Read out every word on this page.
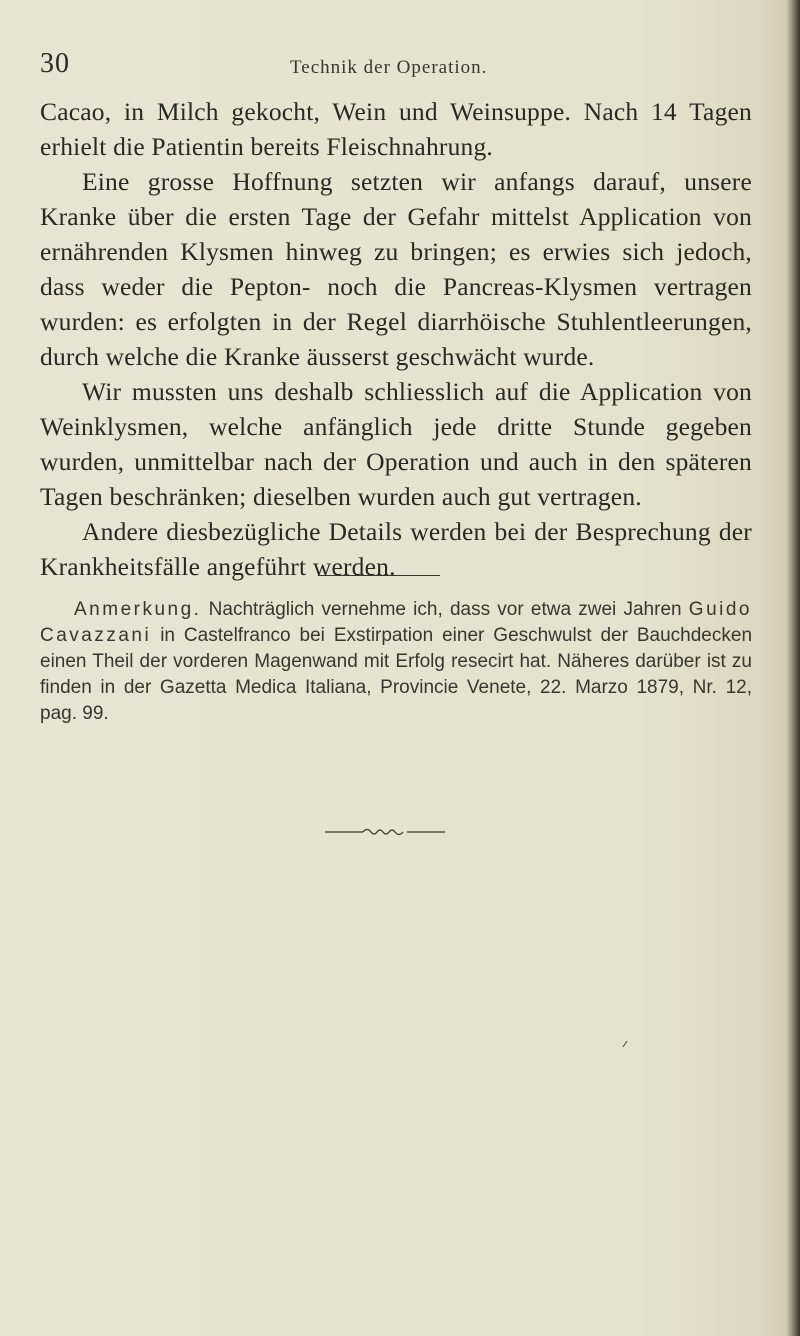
30	Technik der Operation.

Cacao, in Milch gekocht, Wein und Weinsuppe. Nach 14 Tagen erhielt die Patientin bereits Fleischnahrung.

Eine grosse Hoffnung setzten wir anfangs darauf, unsere Kranke über die ersten Tage der Gefahr mittelst Application von ernährenden Klysmen hinweg zu bringen; es erwies sich jedoch, dass weder die Pepton- noch die Pancreas-Klysmen vertragen wurden: es erfolgten in der Regel diarrhöische Stuhlentleerungen, durch welche die Kranke äusserst geschwächt wurde.

Wir mussten uns deshalb schliesslich auf die Application von Weinklysmen, welche anfänglich jede dritte Stunde gegeben wurden, unmittelbar nach der Operation und auch in den späteren Tagen beschränken; dieselben wurden auch gut vertragen.

Andere diesbezügliche Details werden bei der Besprechung der Krankheitsfälle angeführt werden.

Anmerkung. Nachträglich vernehme ich, dass vor etwa zwei Jahren Guido Cavazzani in Castelfranco bei Exstirpation einer Geschwulst der Bauchdecken einen Theil der vorderen Magenwand mit Erfolg resecirt hat. Näheres darüber ist zu finden in der Gazetta Medica Italiana, Provincie Venete, 22. Marzo 1879, Nr. 12, pag. 99.
